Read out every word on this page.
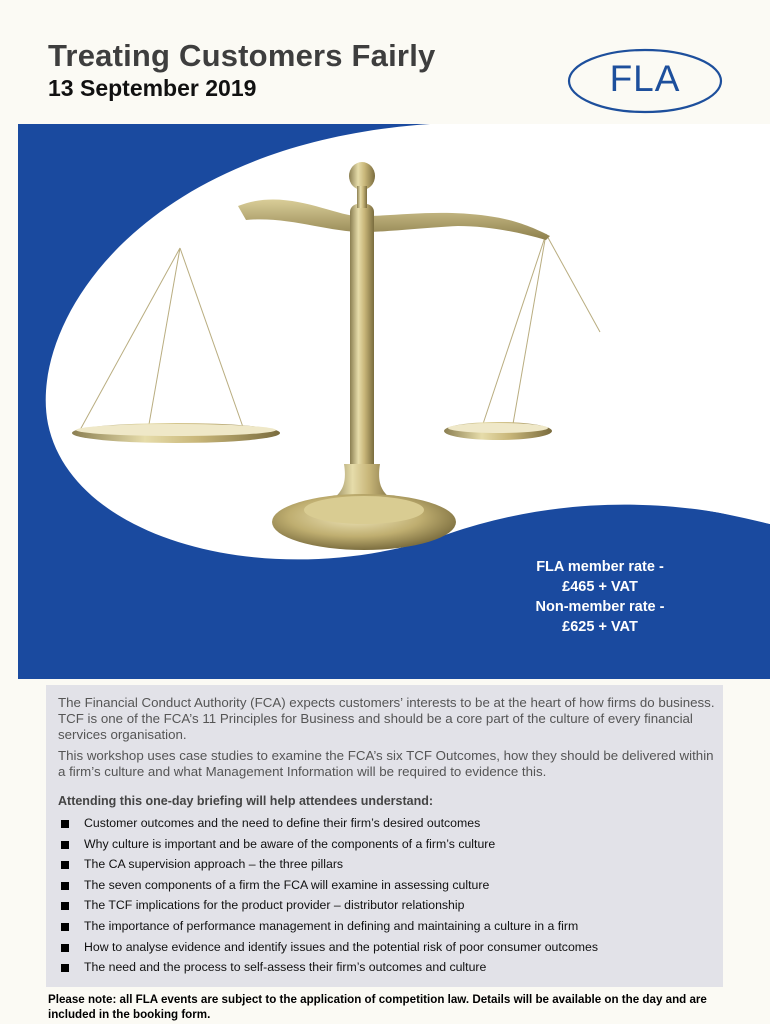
Treating Customers Fairly
13 September 2019	FLA
FLA member rate -
£465 + VAT
Non-member rate -
£625 + VAT

The Financial Conduct Authority (FCA) expects customers’ interests to be at the heart of how firms do business. TCF is one of the FCA’s 11 Principles for Business and should be a core part of the culture of every financial services organisation.

This workshop uses case studies to examine the FCA’s six TCF Outcomes, how they should be delivered within a firm’s culture and what Management Information will be required to evidence this.

Attending this one-day briefing will help attendees understand:

Customer outcomes and the need to define their firm’s desired outcomes
Why culture is important and be aware of the components of a firm’s culture
The CA supervision approach – the three pillars
The seven components of a firm the FCA will examine in assessing culture
The TCF implications for the product provider – distributor relationship
The importance of performance management in defining and maintaining a culture in a firm
How to analyse evidence and identify issues and the potential risk of poor consumer outcomes
The need and the process to self-assess their firm’s outcomes and culture

Please note: all FLA events are subject to the application of competition law. Details will be available on the day and are included in the booking form.
